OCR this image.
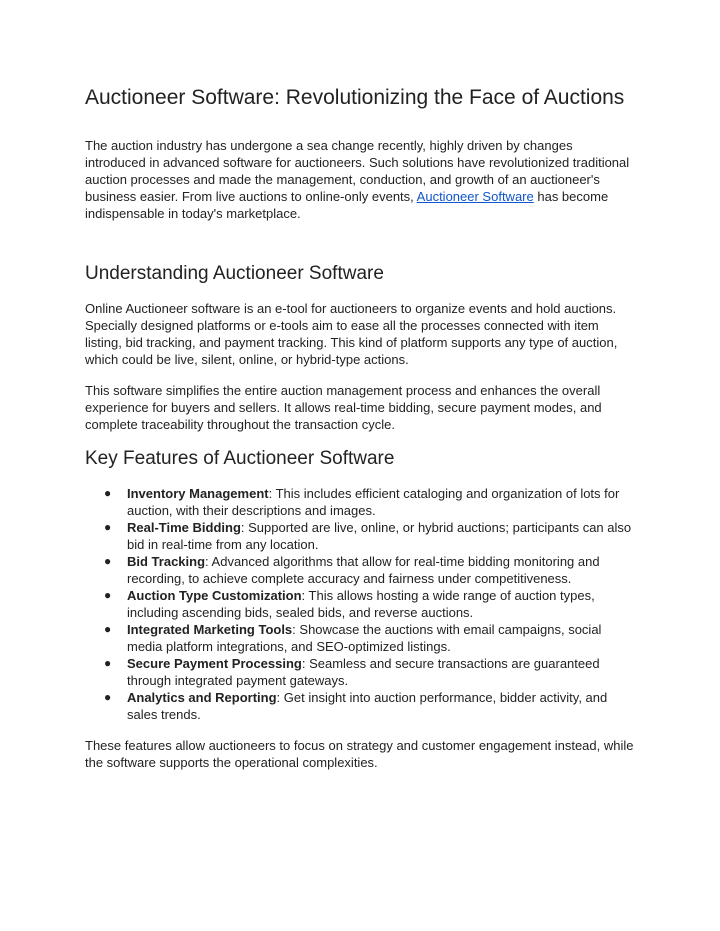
Auctioneer Software: Revolutionizing the Face of Auctions

The auction industry has undergone a sea change recently, highly driven by changes introduced in advanced software for auctioneers. Such solutions have revolutionized traditional auction processes and made the management, conduction, and growth of an auctioneer's business easier. From live auctions to online-only events, Auctioneer Software has become indispensable in today's marketplace.

Understanding Auctioneer Software

Online Auctioneer software is an e-tool for auctioneers to organize events and hold auctions. Specially designed platforms or e-tools aim to ease all the processes connected with item listing, bid tracking, and payment tracking. This kind of platform supports any type of auction, which could be live, silent, online, or hybrid-type actions.

This software simplifies the entire auction management process and enhances the overall experience for buyers and sellers. It allows real-time bidding, secure payment modes, and complete traceability throughout the transaction cycle.

Key Features of Auctioneer Software
● Inventory Management: This includes efficient cataloging and organization of lots for auction, with their descriptions and images.
● Real-Time Bidding: Supported are live, online, or hybrid auctions; participants can also bid in real-time from any location.
● Bid Tracking: Advanced algorithms that allow for real-time bidding monitoring and recording, to achieve complete accuracy and fairness under competitiveness.
● Auction Type Customization: This allows hosting a wide range of auction types, including ascending bids, sealed bids, and reverse auctions.
● Integrated Marketing Tools: Showcase the auctions with email campaigns, social media platform integrations, and SEO-optimized listings.
● Secure Payment Processing: Seamless and secure transactions are guaranteed through integrated payment gateways.
● Analytics and Reporting: Get insight into auction performance, bidder activity, and sales trends.

These features allow auctioneers to focus on strategy and customer engagement instead, while the software supports the operational complexities.
